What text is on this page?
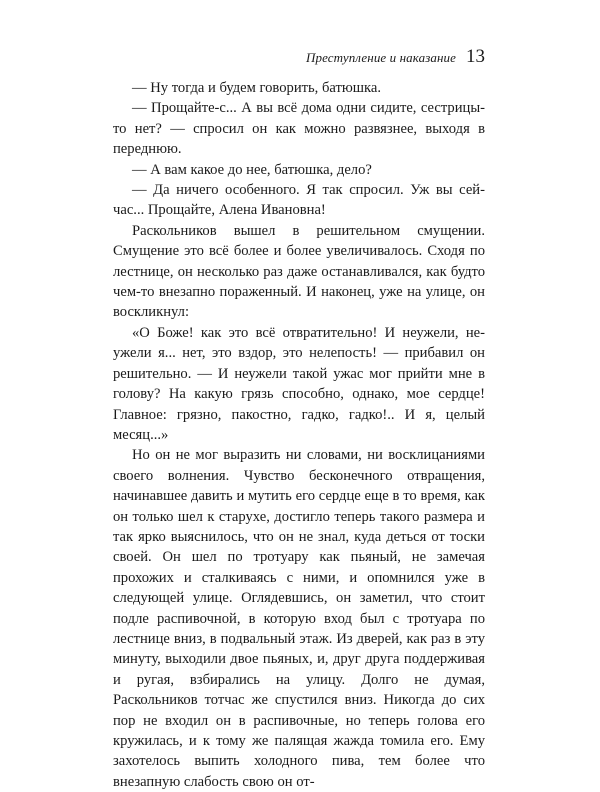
Преступление и наказание 13

— Ну тогда и будем говорить, батюшка.

— Прощайте-с... А вы всё дома одни сидите, сестрицы-то нет? — спросил он как можно развязнее, выходя в переднюю.

— А вам какое до нее, батюшка, дело?

— Да ничего особенного. Я так спросил. Уж вы сейчас... Прощайте, Алена Ивановна!

Раскольников вышел в решительном смущении. Смущение это всё более и более увеличивалось. Сходя по лестнице, он несколько раз даже останавливался, как будто чем-то внезапно пораженный. И наконец, уже на улице, он воскликнул:

«О Боже! как это всё отвратительно! И неужели, неужели я... нет, это вздор, это нелепость! — прибавил он решительно. — И неужели такой ужас мог прийти мне в голову? На какую грязь способно, однако, мое сердце! Главное: грязно, пакостно, гадко, гадко!.. И я, целый месяц...»

Но он не мог выразить ни словами, ни восклицаниями своего волнения. Чувство бесконечного отвращения, начинавшее давить и мутить его сердце еще в то время, как он только шел к старухе, достигло теперь такого размера и так ярко выяснилось, что он не знал, куда деться от тоски своей. Он шел по тротуару как пьяный, не замечая прохожих и сталкиваясь с ними, и опомнился уже в следующей улице. Оглядевшись, он заметил, что стоит подле распивочной, в которую вход был с тротуара по лестнице вниз, в подвальный этаж. Из дверей, как раз в эту минуту, выходили двое пьяных, и, друг друга поддерживая и ругая, взбирались на улицу. Долго не думая, Раскольников тотчас же спустился вниз. Никогда до сих пор не входил он в распивочные, но теперь голова его кружилась, и к тому же палящая жажда томила его. Ему захотелось выпить холодного пива, тем более что внезапную слабость свою он от-
